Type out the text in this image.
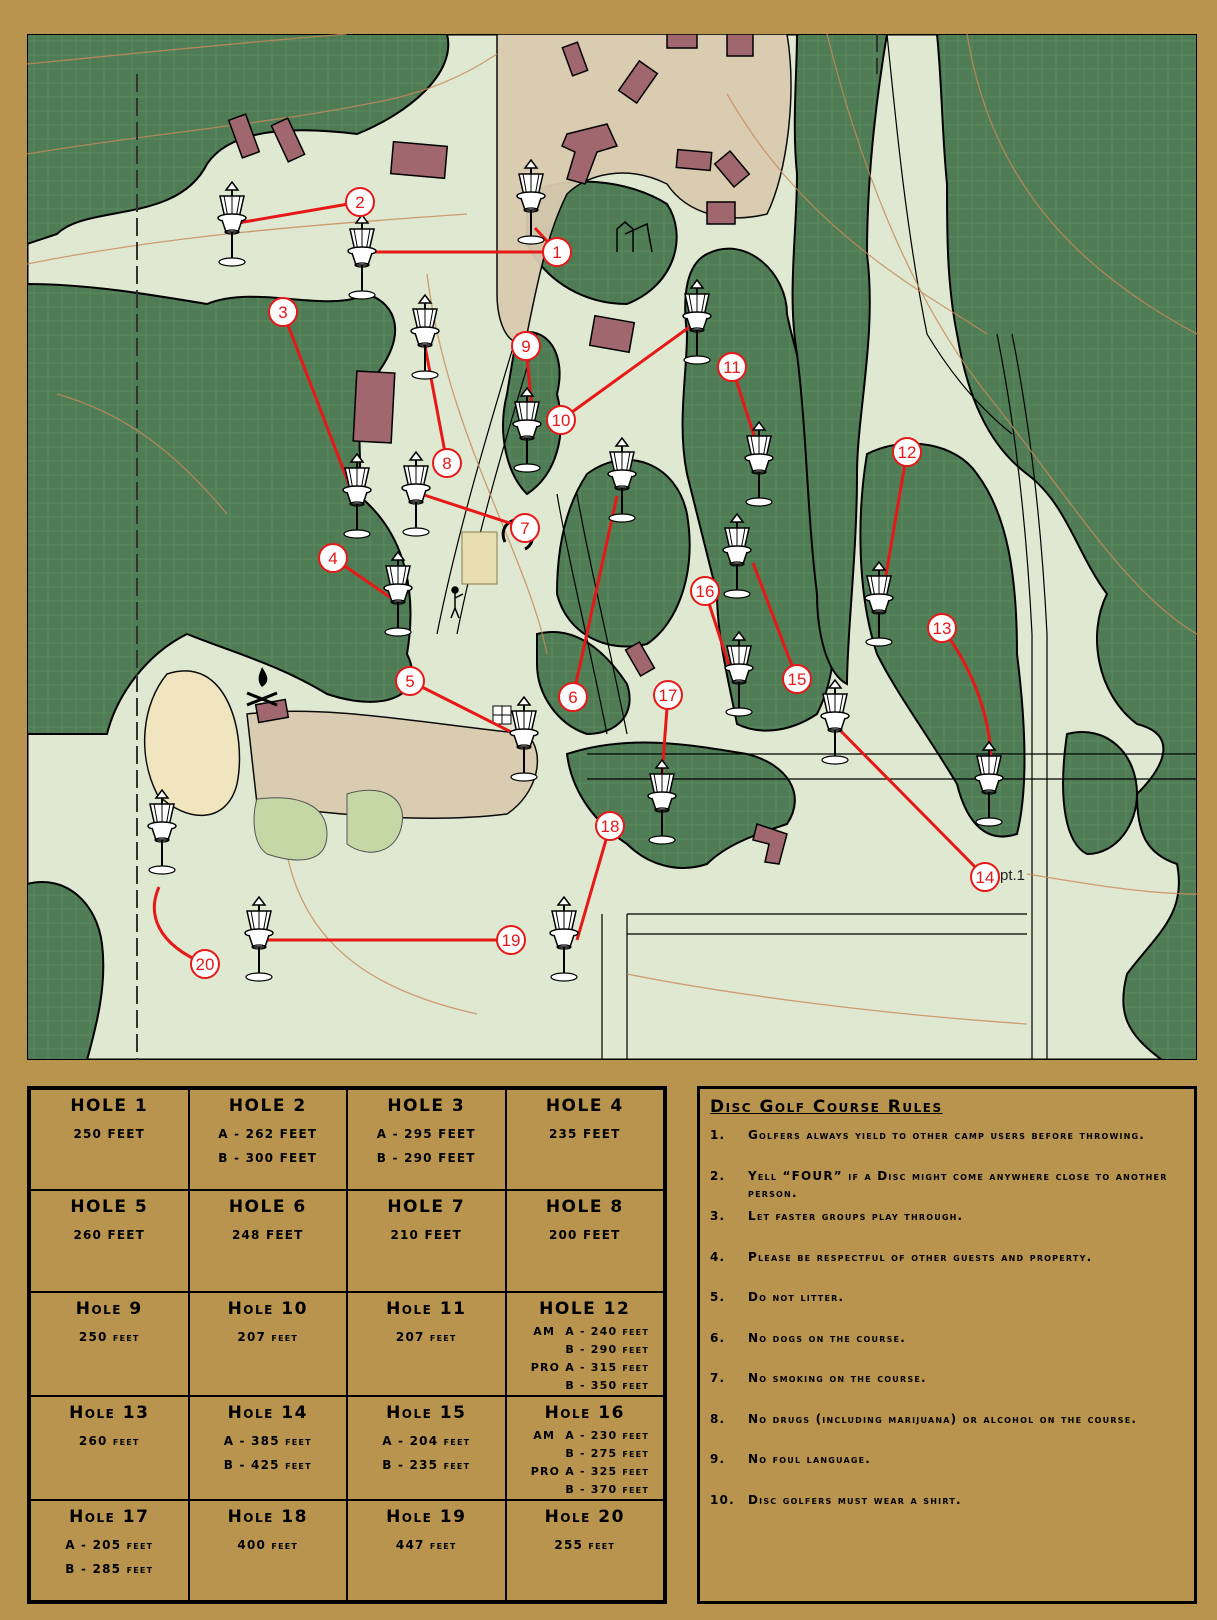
pt.1
1
2
3
4
5
6
7
8
9
10
11
12
13
14
15
16
17
18
19
20
HOLE 1
250 FEET
HOLE 2
A - 262 FEET
B - 300 FEET
HOLE 3
A - 295 FEET
B - 290 FEET
HOLE 4
235 FEET
HOLE 5
260 FEET
HOLE 6
248 FEET
HOLE 7
210 FEET
HOLE 8
200 FEET
Hole 9
250 feet
Hole 10
207 feet
Hole 11
207 feet
HOLE 12
AM  A - 240 feet
B - 290 feet
PRO A - 315 feet
B - 350 feet
Hole 13
260 feet
Hole 14
A - 385 feet
B - 425 feet
Hole 15
A - 204 feet
B - 235 feet
Hole 16
AM  A - 230 feet
B - 275 feet
PRO A - 325 feet
B - 370 feet
Hole 17
A - 205 feet
B - 285 feet
Hole 18
400 feet
Hole 19
447 feet
Hole 20
255 feet
Disc Golf Course Rules
1.	Golfers always yield to other camp users before throwing.
2.	Yell “FOUR” if a Disc might come anywhere close to another person.
3.	Let faster groups play through.
4.	Please be respectful of other guests and property.
5.	Do not litter.
6.	No dogs on the course.
7.	No smoking on the course.
8.	No drugs (including marijuana) or alcohol on the course.
9.	No foul language.
10.	Disc golfers must wear a shirt.
